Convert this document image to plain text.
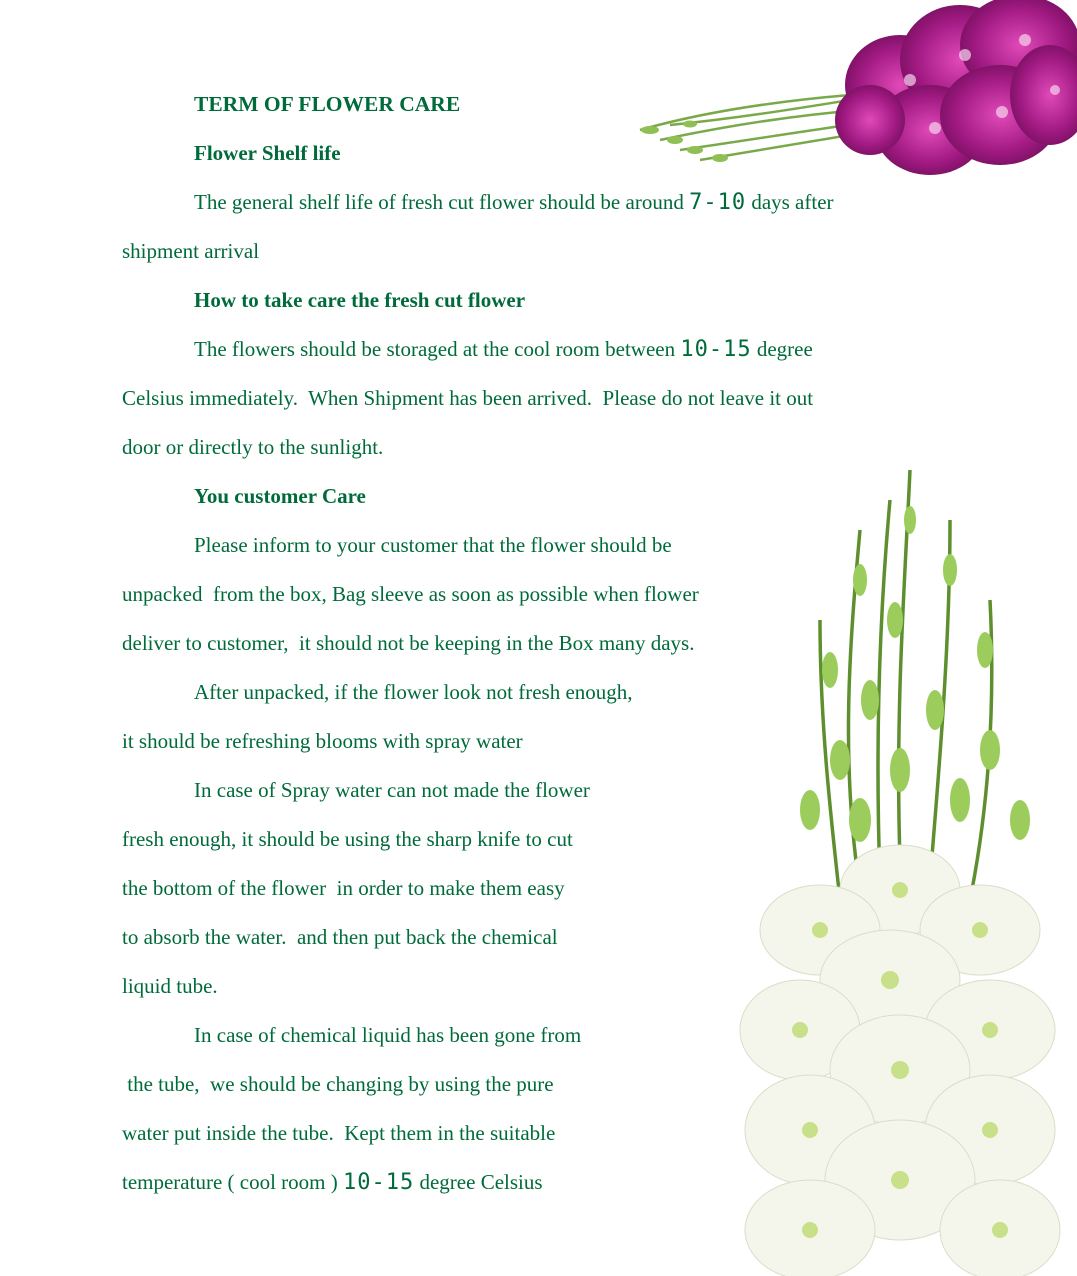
TERM OF FLOWER CARE
Flower Shelf life
The general shelf life of fresh cut flower should be around 7-10 days after
shipment arrival
How to take care the fresh cut flower
The flowers should be storaged at the cool room between 10-15 degree
Celsius immediately.  When Shipment has been arrived.  Please do not leave it out
door or directly to the sunlight.
You customer Care
Please inform to your customer that the flower should be
unpacked  from the box, Bag sleeve as soon as possible when flower
deliver to customer,  it should not be keeping in the Box many days.
After unpacked, if the flower look not fresh enough,
it should be refreshing blooms with spray water
In case of Spray water can not made the flower
fresh enough, it should be using the sharp knife to cut
the bottom of the flower  in order to make them easy
to absorb the water.  and then put back the chemical
liquid tube.
In case of chemical liquid has been gone from
the tube,  we should be changing by using the pure
water put inside the tube.  Kept them in the suitable
temperature ( cool room ) 10-15 degree Celsius
